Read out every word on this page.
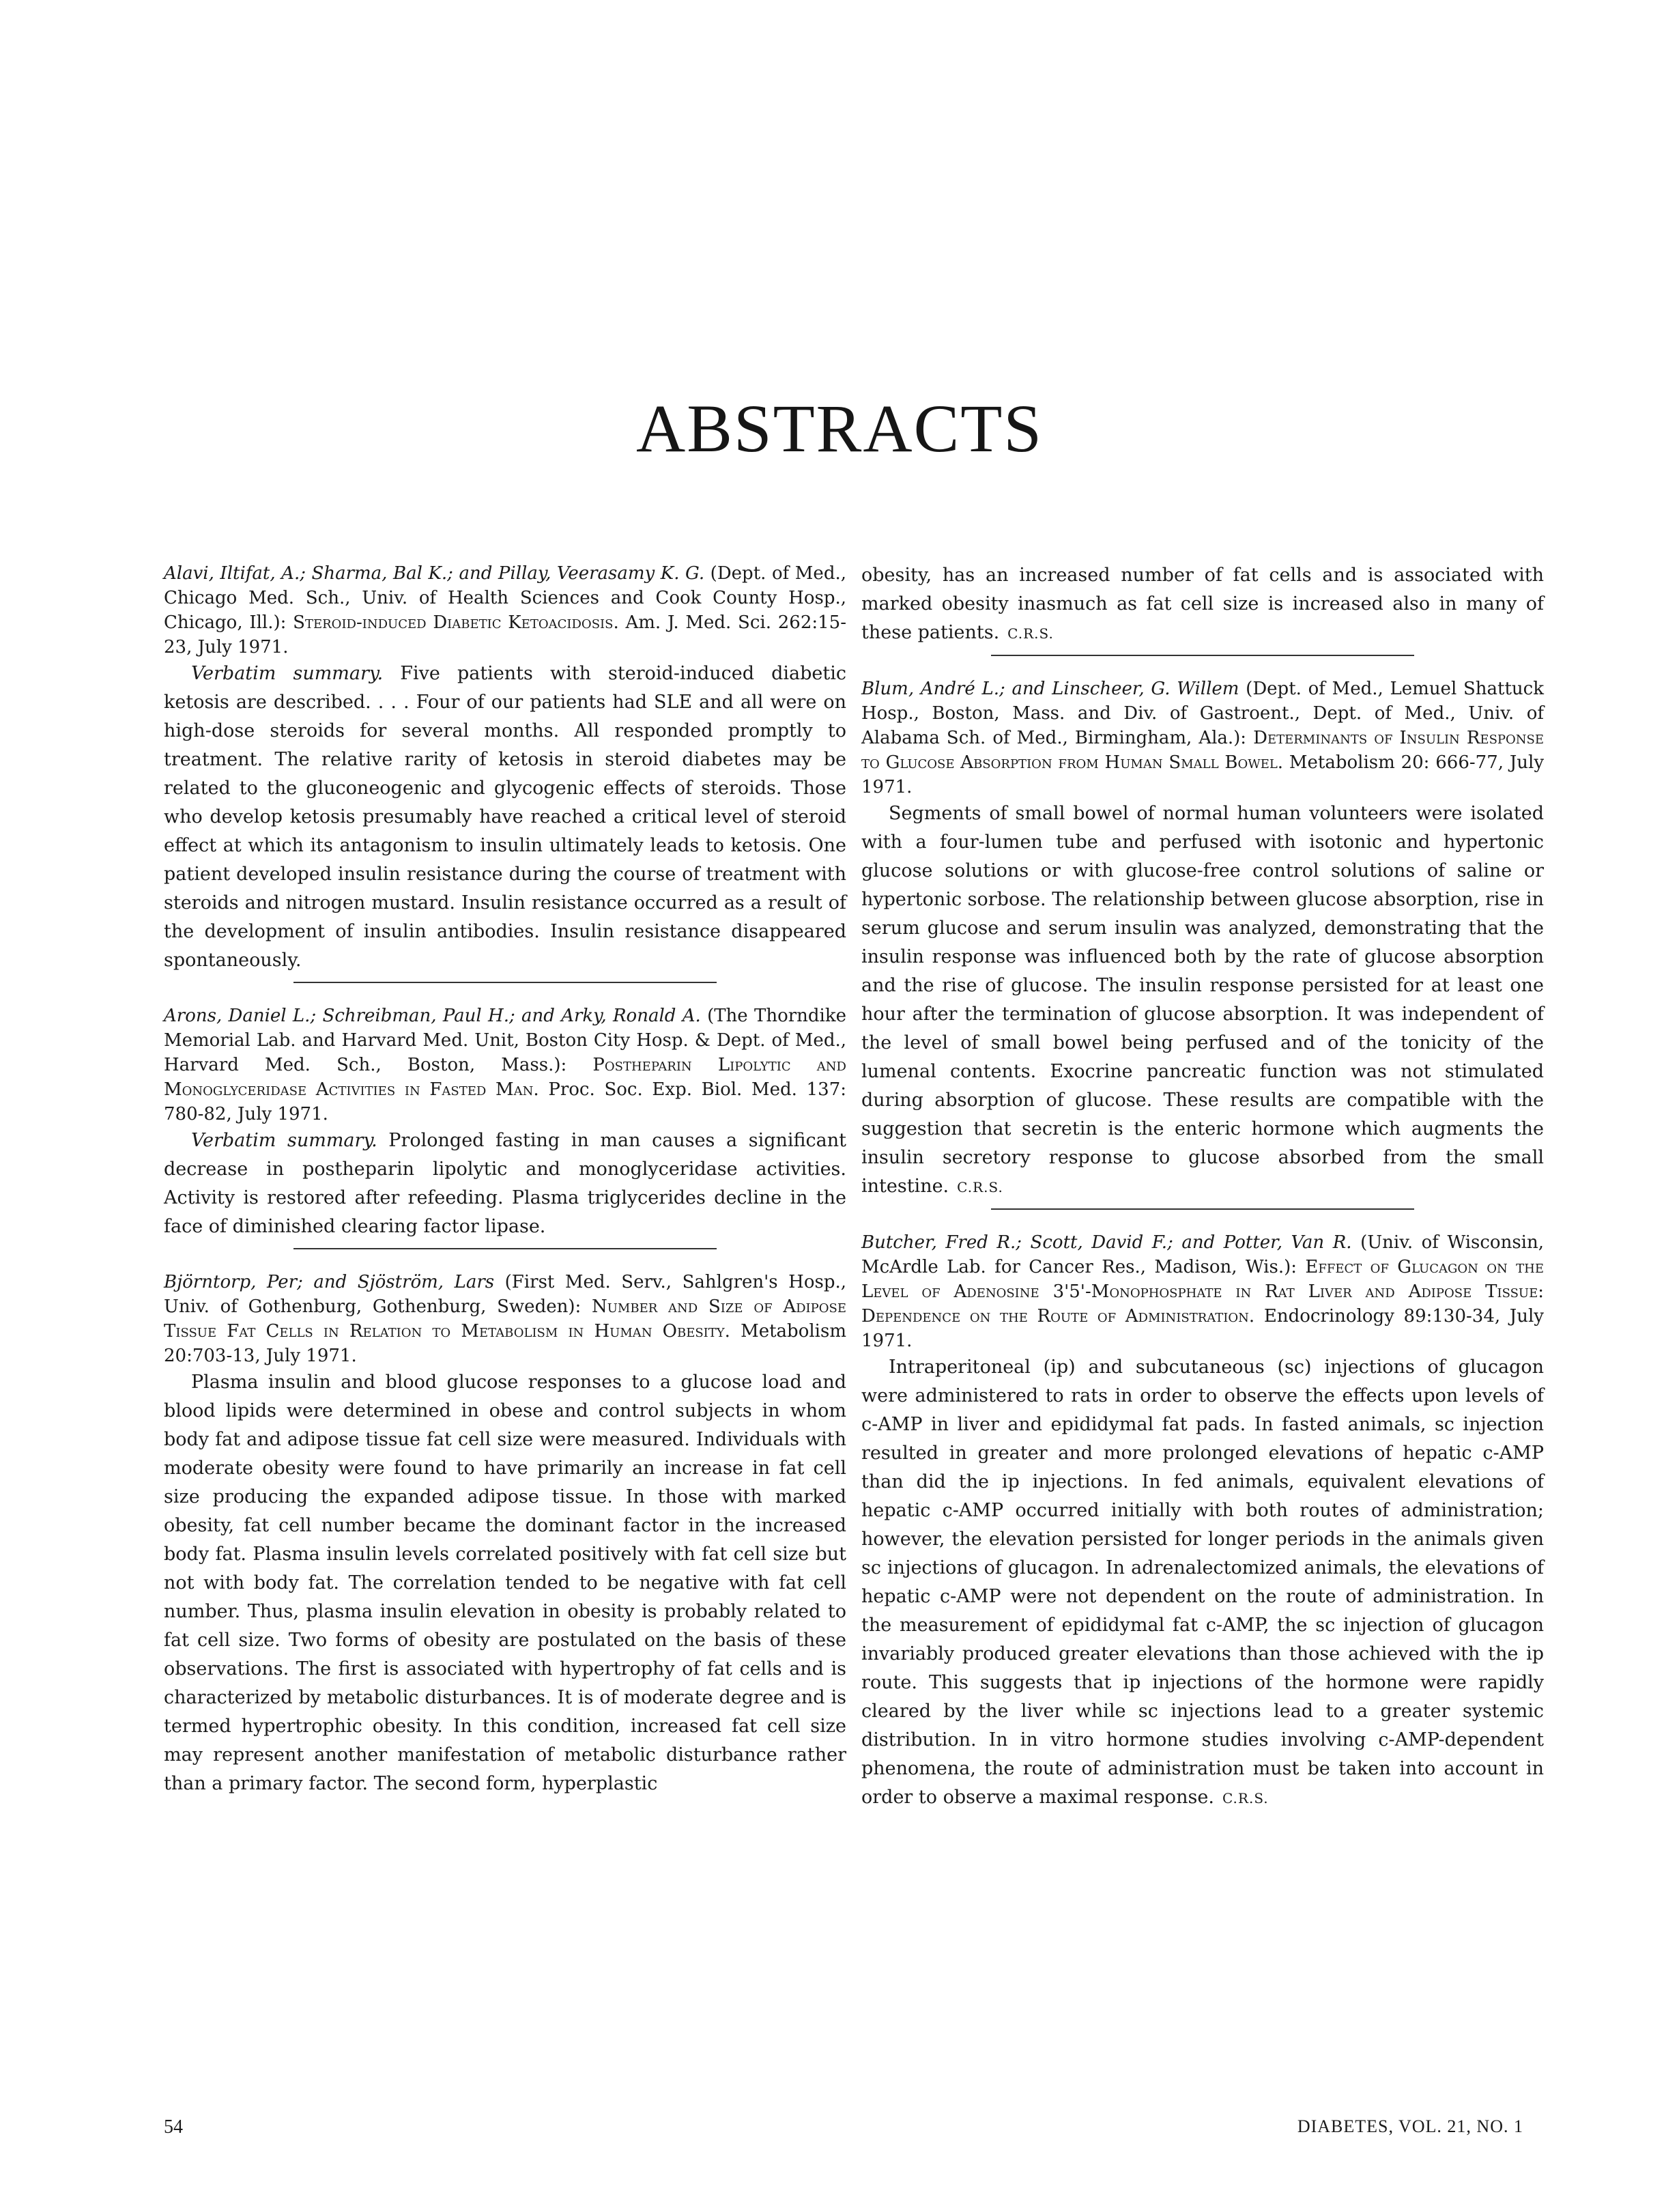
ABSTRACTS

Alavi, Iltifat, A.; Sharma, Bal K.; and Pillay, Veerasamy K. G. (Dept. of Med., Chicago Med. Sch., Univ. of Health Sciences and Cook County Hosp., Chicago, Ill.): Steroid-induced Diabetic Ketoacidosis. Am. J. Med. Sci. 262:15-23, July 1971.

Verbatim summary. Five patients with steroid-induced diabetic ketosis are described. . . . Four of our patients had SLE and all were on high-dose steroids for several months. All responded promptly to treatment. The relative rarity of ketosis in steroid diabetes may be related to the gluconeogenic and glycogenic effects of steroids. Those who develop ketosis presumably have reached a critical level of steroid effect at which its antagonism to insulin ultimately leads to ketosis. One patient developed insulin resistance during the course of treatment with steroids and nitrogen mustard. Insulin resistance occurred as a result of the development of insulin antibodies. Insulin resistance disappeared spontaneously.

Arons, Daniel L.; Schreibman, Paul H.; and Arky, Ronald A. (The Thorndike Memorial Lab. and Harvard Med. Unit, Boston City Hosp. & Dept. of Med., Harvard Med. Sch., Boston, Mass.): Postheparin Lipolytic and Monoglyceridase Activities in Fasted Man. Proc. Soc. Exp. Biol. Med. 137: 780-82, July 1971.

Verbatim summary. Prolonged fasting in man causes a significant decrease in postheparin lipolytic and monoglyceridase activities. Activity is restored after refeeding. Plasma triglycerides decline in the face of diminished clearing factor lipase.

Björntorp, Per; and Sjöström, Lars (First Med. Serv., Sahlgren's Hosp., Univ. of Gothenburg, Gothenburg, Sweden): Number and Size of Adipose Tissue Fat Cells in Relation to Metabolism in Human Obesity. Metabolism 20:703-13, July 1971.

Plasma insulin and blood glucose responses to a glucose load and blood lipids were determined in obese and control subjects in whom body fat and adipose tissue fat cell size were measured. Individuals with moderate obesity were found to have primarily an increase in fat cell size producing the expanded adipose tissue. In those with marked obesity, fat cell number became the dominant factor in the increased body fat. Plasma insulin levels correlated positively with fat cell size but not with body fat. The correlation tended to be negative with fat cell number. Thus, plasma insulin elevation in obesity is probably related to fat cell size. Two forms of obesity are postulated on the basis of these observations. The first is associated with hypertrophy of fat cells and is characterized by metabolic disturbances. It is of moderate degree and is termed hypertrophic obesity. In this condition, increased fat cell size may represent another manifestation of metabolic disturbance rather than a primary factor. The second form, hyperplastic

obesity, has an increased number of fat cells and is associated with marked obesity inasmuch as fat cell size is increased also in many of these patients. C.R.S.

Blum, André L.; and Linscheer, G. Willem (Dept. of Med., Lemuel Shattuck Hosp., Boston, Mass. and Div. of Gastroent., Dept. of Med., Univ. of Alabama Sch. of Med., Birmingham, Ala.): Determinants of Insulin Response to Glucose Absorption from Human Small Bowel. Metabolism 20: 666-77, July 1971.

Segments of small bowel of normal human volunteers were isolated with a four-lumen tube and perfused with isotonic and hypertonic glucose solutions or with glucose-free control solutions of saline or hypertonic sorbose. The relationship between glucose absorption, rise in serum glucose and serum insulin was analyzed, demonstrating that the insulin response was influenced both by the rate of glucose absorption and the rise of glucose. The insulin response persisted for at least one hour after the termination of glucose absorption. It was independent of the level of small bowel being perfused and of the tonicity of the lumenal contents. Exocrine pancreatic function was not stimulated during absorption of glucose. These results are compatible with the suggestion that secretin is the enteric hormone which augments the insulin secretory response to glucose absorbed from the small intestine. C.R.S.

Butcher, Fred R.; Scott, David F.; and Potter, Van R. (Univ. of Wisconsin, McArdle Lab. for Cancer Res., Madison, Wis.): Effect of Glucagon on the Level of Adenosine 3'5'-Monophosphate in Rat Liver and Adipose Tissue: Dependence on the Route of Administration. Endocrinology 89:130-34, July 1971.

Intraperitoneal (ip) and subcutaneous (sc) injections of glucagon were administered to rats in order to observe the effects upon levels of c-AMP in liver and epididymal fat pads. In fasted animals, sc injection resulted in greater and more prolonged elevations of hepatic c-AMP than did the ip injections. In fed animals, equivalent elevations of hepatic c-AMP occurred initially with both routes of administration; however, the elevation persisted for longer periods in the animals given sc injections of glucagon. In adrenalectomized animals, the elevations of hepatic c-AMP were not dependent on the route of administration. In the measurement of epididymal fat c-AMP, the sc injection of glucagon invariably produced greater elevations than those achieved with the ip route. This suggests that ip injections of the hormone were rapidly cleared by the liver while sc injections lead to a greater systemic distribution. In in vitro hormone studies involving c-AMP-dependent phenomena, the route of administration must be taken into account in order to observe a maximal response. C.R.S.

54	DIABETES, VOL. 21, NO. 1
